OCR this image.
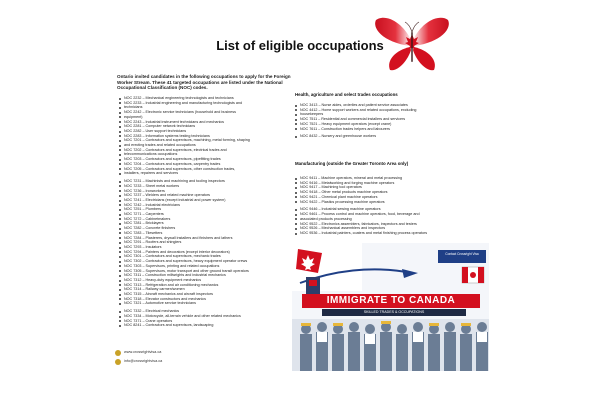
List of eligible occupations
Ontario invited candidates in the following occupations to apply for the Foreign Worker Stream. These 41 targeted occupations are listed under the National Occupational Classification (NOC) codes.
NOC 2232 – Mechanical engineering technologists and technicians
NOC 2233 – Industrial engineering and manufacturing technologists and
technicians
NOC 2242 – Electronic service technicians (household and business
equipment)
NOC 2243 – Industrial instrument technicians and mechanics
NOC 2281 – Computer network technicians
NOC 2282 – User support technicians
NOC 2283 – Information systems testing technicians
NOC 7201 – Contractors and supervisors, machining, metal forming, shaping
and erecting trades and related occupations
NOC 7202 – Contractors and supervisors, electrical trades and
telecommunications occupations
NOC 7203 – Contractors and supervisors, pipefitting trades
NOC 7204 – Contractors and supervisors, carpentry trades
NOC 7205 – Contractors and supervisors, other construction trades,
installers, repairers and servicers
NOC 7231 – Machinists and machining and tooling inspectors
NOC 7233 – Sheet metal workers
NOC 7236 – Ironworkers
NOC 7237 – Welders and related machine operators
NOC 7241 – Electricians (except industrial and power system)
NOC 7242 – Industrial electricians
NOC 7251 – Plumbers
NOC 7271 – Carpenters
NOC 7272 – Cabinetmakers
NOC 7281 – Bricklayers
NOC 7282 – Concrete finishers
NOC 7283 – Tilesetters
NOC 7284 – Plasterers, drywall installers and finishers and lathers
NOC 7291 – Roofers and shinglers
NOC 7293 – Insulators
NOC 7294 – Painters and decorators (except interior decorators)
NOC 7301 – Contractors and supervisors, mechanic trades
NOC 7302 – Contractors and supervisors, heavy equipment operator crews
NOC 7303 – Supervisors, printing and related occupations
NOC 7305 – Supervisors, motor transport and other ground transit operators
NOC 7311 – Construction millwrights and industrial mechanics
NOC 7312 – Heavy-duty equipment mechanics
NOC 7313 – Refrigeration and air conditioning mechanics
NOC 7314 – Railway carmen/women
NOC 7315 – Aircraft mechanics and aircraft inspectors
NOC 7318 – Elevator constructors and mechanics
NOC 7321 – Automotive service technicians
NOC 7332 – Electrical mechanics
NOC 7334 – Motorcycle, all-terrain vehicle and other related mechanics
NOC 7371 – Crane operators
NOC 8241 – Contractors and supervisors, landscaping
Health, agriculture and select trades occupations
NOC 3413 – Nurse aides, orderlies and patient service associates
NOC 4412 – Home support workers and related occupations, excluding
housekeepers
NOC 7511 – Residential and commercial installers and servicers
NOC 7521 – Heavy equipment operators (except crane)
NOC 7611 – Construction trades helpers and labourers
NOC 8432 – Nursery and greenhouse workers
Manufacturing (outside the Greater Toronto Area only)
NOC 9411 – Machine operators, mineral and metal processing
NOC 9416 – Metalworking and forging machine operators
NOC 9417 – Machining tool operators
NOC 9418 – Other metal products machine operators
NOC 9421 – Chemical plant machine operators
NOC 9422 – Plastics processing machine operators
NOC 9446 – Industrial sewing machine operators
NOC 9461 – Process control and machine operators, food, beverage and
associated products processing
NOC 9522 – Electronics assemblers, fabricators, inspectors and testers
NOC 9526 – Mechanical assemblers and inspectors
NOC 9536 – Industrial painters, coaters and metal finishing process operators
www.crossrightvisa.ca
info@crossrightvisa.ca
IMMIGRATE TO CANADA
SKILLED TRADES & OCCUPATIONS
Contact Crossright Visa
